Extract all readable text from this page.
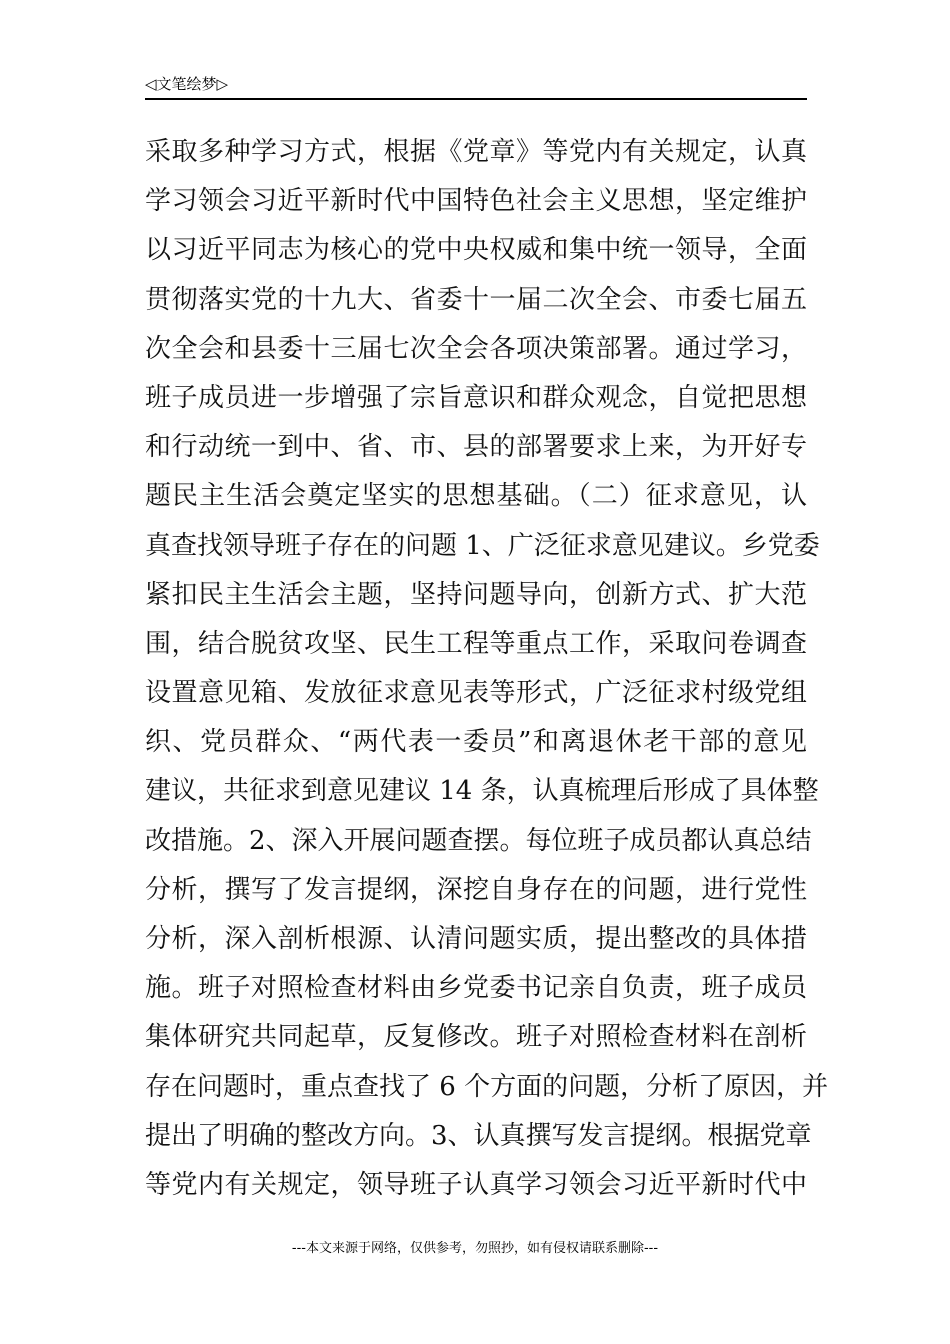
◁文笔绘梦▷
采取多种学习方式，根据《党章》等党内有关规定，认真
学习领会习近平新时代中国特色社会主义思想，坚定维护
以习近平同志为核心的党中央权威和集中统一领导，全面
贯彻落实党的十九大、省委十一届二次全会、市委七届五
次全会和县委十三届七次全会各项决策部署。通过学习，
班子成员进一步增强了宗旨意识和群众观念，自觉把思想
和行动统一到中、省、市、县的部署要求上来，为开好专
题民主生活会奠定坚实的思想基础。（二）征求意见，认
真查找领导班子存在的问题 1、广泛征求意见建议。乡党委
紧扣民主生活会主题，坚持问题导向，创新方式、扩大范
围，结合脱贫攻坚、民生工程等重点工作，采取问卷调查
设置意见箱、发放征求意见表等形式，广泛征求村级党组
织、党员群众、“两代表一委员”和离退休老干部的意见
建议，共征求到意见建议 14 条，认真梳理后形成了具体整
改措施。2、深入开展问题查摆。每位班子成员都认真总结
分析，撰写了发言提纲，深挖自身存在的问题，进行党性
分析，深入剖析根源、认清问题实质，提出整改的具体措
施。班子对照检查材料由乡党委书记亲自负责，班子成员
集体研究共同起草，反复修改。班子对照检查材料在剖析
存在问题时，重点查找了 6 个方面的问题，分析了原因，并
提出了明确的整改方向。3、认真撰写发言提纲。根据党章
等党内有关规定，领导班子认真学习领会习近平新时代中
---本文来源于网络，仅供参考，勿照抄，如有侵权请联系删除---
